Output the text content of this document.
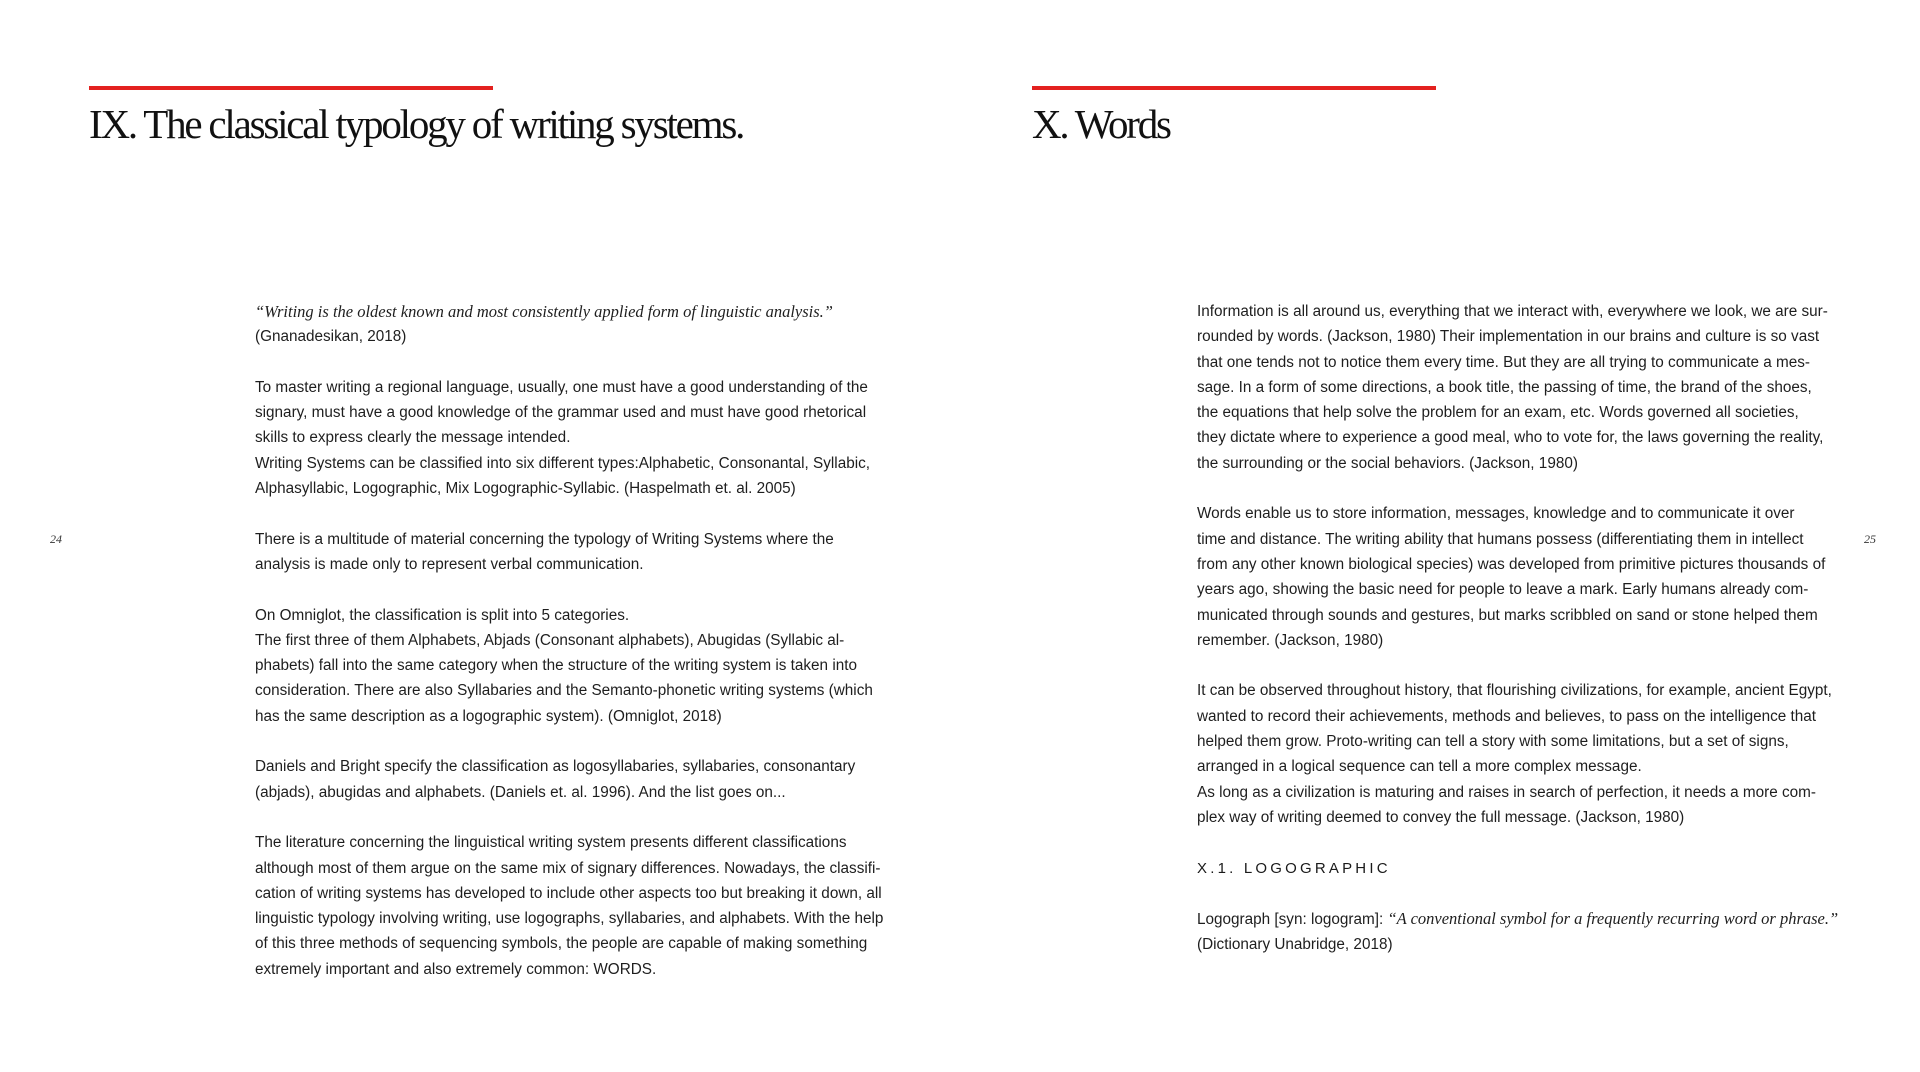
IX. The classical typology of writing systems.
24

“Writing is the oldest known and most consistently applied form of linguistic analysis.”
(Gnanadesikan, 2018)

To master writing a regional language, usually, one must have a good understanding of the
signary, must have a good knowledge of the grammar used and must have good rhetorical
skills to express clearly the message intended.

Writing Systems can be classified into six different types:Alphabetic, Consonantal, Syllabic,
Alphasyllabic, Logographic, Mix Logographic-Syllabic. (Haspelmath et. al. 2005)

There is a multitude of material concerning the typology of Writing Systems where the
analysis is made only to represent verbal communication.

On Omniglot, the classification is split into 5 categories.

The first three of them Alphabets, Abjads (Consonant alphabets), Abugidas (Syllabic al-
phabets) fall into the same category when the structure of the writing system is taken into
consideration. There are also Syllabaries and the Semanto-phonetic writing systems (which
has the same description as a logographic system). (Omniglot, 2018)

Daniels and Bright specify the classification as logosyllabaries, syllabaries, consonantary
(abjads), abugidas and alphabets. (Daniels et. al. 1996). And the list goes on...

The literature concerning the linguistical writing system presents different classifications
although most of them argue on the same mix of signary differences. Nowadays, the classifi-
cation of writing systems has developed to include other aspects too but breaking it down, all
linguistic typology involving writing, use logographs, syllabaries, and alphabets. With the help
of this three methods of sequencing symbols, the people are capable of making something
extremely important and also extremely common: WORDS.

X. Words
25

Information is all around us, everything that we interact with, everywhere we look, we are sur-
rounded by words. (Jackson, 1980) Their implementation in our brains and culture is so vast
that one tends not to notice them every time. But they are all trying to communicate a mes-
sage. In a form of some directions, a book title, the passing of time, the brand of the shoes,
the equations that help solve the problem for an exam, etc. Words governed all societies,
they dictate where to experience a good meal, who to vote for, the laws governing the reality,
the surrounding or the social behaviors. (Jackson, 1980)

Words enable us to store information, messages, knowledge and to communicate it over
time and distance. The writing ability that humans possess (differentiating them in intellect
from any other known biological species) was developed from primitive pictures thousands of
years ago, showing the basic need for people to leave a mark. Early humans already com-
municated through sounds and gestures, but marks scribbled on sand or stone helped them
remember. (Jackson, 1980)

It can be observed throughout history, that flourishing civilizations, for example, ancient Egypt,
wanted to record their achievements, methods and believes, to pass on the intelligence that
helped them grow. Proto-writing can tell a story with some limitations, but a set of signs,
arranged in a logical sequence can tell a more complex message.

As long as a civilization is maturing and raises in search of perfection, it needs a more com-
plex way of writing deemed to convey the full message. (Jackson, 1980)

X.1. LOGOGRAPHIC

Logograph [syn: logogram]: “A conventional symbol for a frequently recurring word or phrase.”
(Dictionary Unabridge, 2018)
